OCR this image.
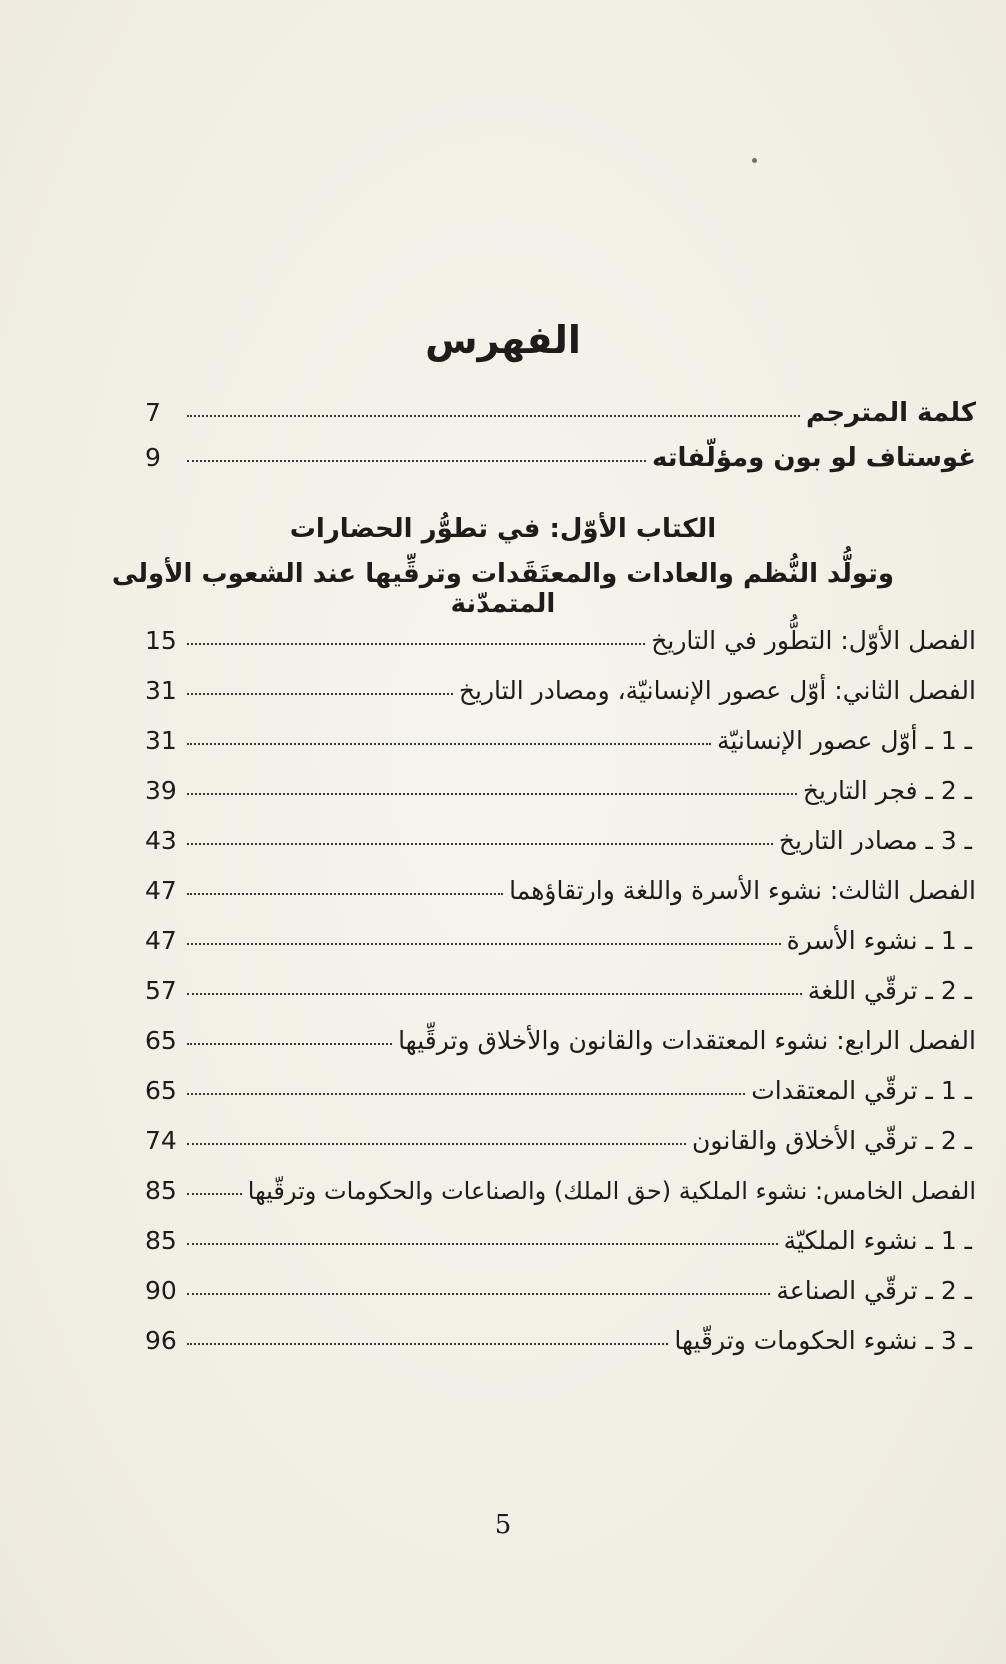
الفهرس
كلمة المترجم
7
غوستاف لو بون ومؤلّفاته
9
الكتاب الأوّل: في تطوُّر الحضارات
وتولُّد النُّظم والعادات والمعتَقَدات وترقِّيها عند الشعوب الأولى المتمدّنة
الفصل الأوّل: التطُّور في التاريخ
15
الفصل الثاني: أوّل عصور الإنسانيّة، ومصادر التاريخ
31
ـ 1 ـ أوّل عصور الإنسانيّة
31
ـ 2 ـ فجر التاريخ
39
ـ 3 ـ مصادر التاريخ
43
الفصل الثالث: نشوء الأسرة واللغة وارتقاؤهما
47
ـ 1 ـ نشوء الأسرة
47
ـ 2 ـ ترقّي اللغة
57
الفصل الرابع: نشوء المعتقدات والقانون والأخلاق وترقِّيها
65
ـ 1 ـ ترقّي المعتقدات
65
ـ 2 ـ ترقّي الأخلاق والقانون
74
الفصل الخامس: نشوء الملكية (حق الملك) والصناعات والحكومات وترقّيها
85
ـ 1 ـ نشوء الملكيّة
85
ـ 2 ـ ترقّي الصناعة
90
ـ 3 ـ نشوء الحكومات وترقّيها
96
5
